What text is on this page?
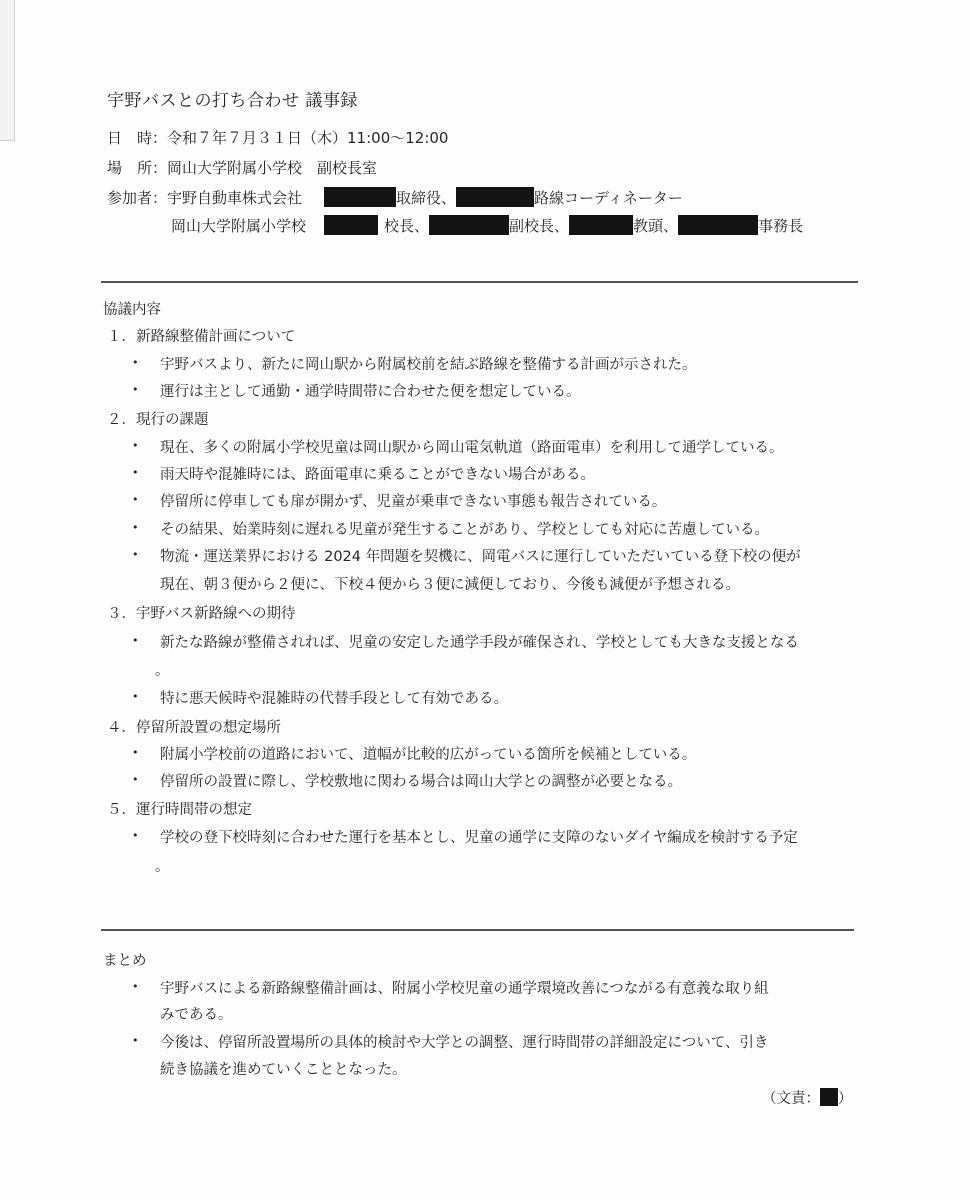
宇野バスとの打ち合わせ 議事録
日　時：令和７年７月３１日（木）11:00〜12:00
場　所：岡山大学附属小学校　副校長室
参加者：宇野自動車株式会社	取締役、	路線コーディネーター
岡山大学附属小学校	校長、	副校長、	教頭、	事務長
協議内容
１．新路線整備計画について
• 宇野バスより、新たに岡山駅から附属校前を結ぶ路線を整備する計画が示された。
• 運行は主として通勤・通学時間帯に合わせた便を想定している。
２．現行の課題
• 現在、多くの附属小学校児童は岡山駅から岡山電気軌道（路面電車）を利用して通学している。
• 雨天時や混雑時には、路面電車に乗ることができない場合がある。
• 停留所に停車しても扉が開かず、児童が乗車できない事態も報告されている。
• その結果、始業時刻に遅れる児童が発生することがあり、学校としても対応に苦慮している。
• 物流・運送業界における 2024 年問題を契機に、岡電バスに運行していただいている登下校の便が
現在、朝３便から２便に、下校４便から３便に減便しており、今後も減便が予想される。
３．宇野バス新路線への期待
• 新たな路線が整備されれば、児童の安定した通学手段が確保され、学校としても大きな支援となる
。
• 特に悪天候時や混雑時の代替手段として有効である。
４．停留所設置の想定場所
• 附属小学校前の道路において、道幅が比較的広がっている箇所を候補としている。
• 停留所の設置に際し、学校敷地に関わる場合は岡山大学との調整が必要となる。
５．運行時間帯の想定
• 学校の登下校時刻に合わせた運行を基本とし、児童の通学に支障のないダイヤ編成を検討する予定
。
まとめ
• 宇野バスによる新路線整備計画は、附属小学校児童の通学環境改善につながる有意義な取り組
みである。
• 今後は、停留所設置場所の具体的検討や大学との調整、運行時間帯の詳細設定について、引き
続き協議を進めていくこととなった。
（文責： ）
